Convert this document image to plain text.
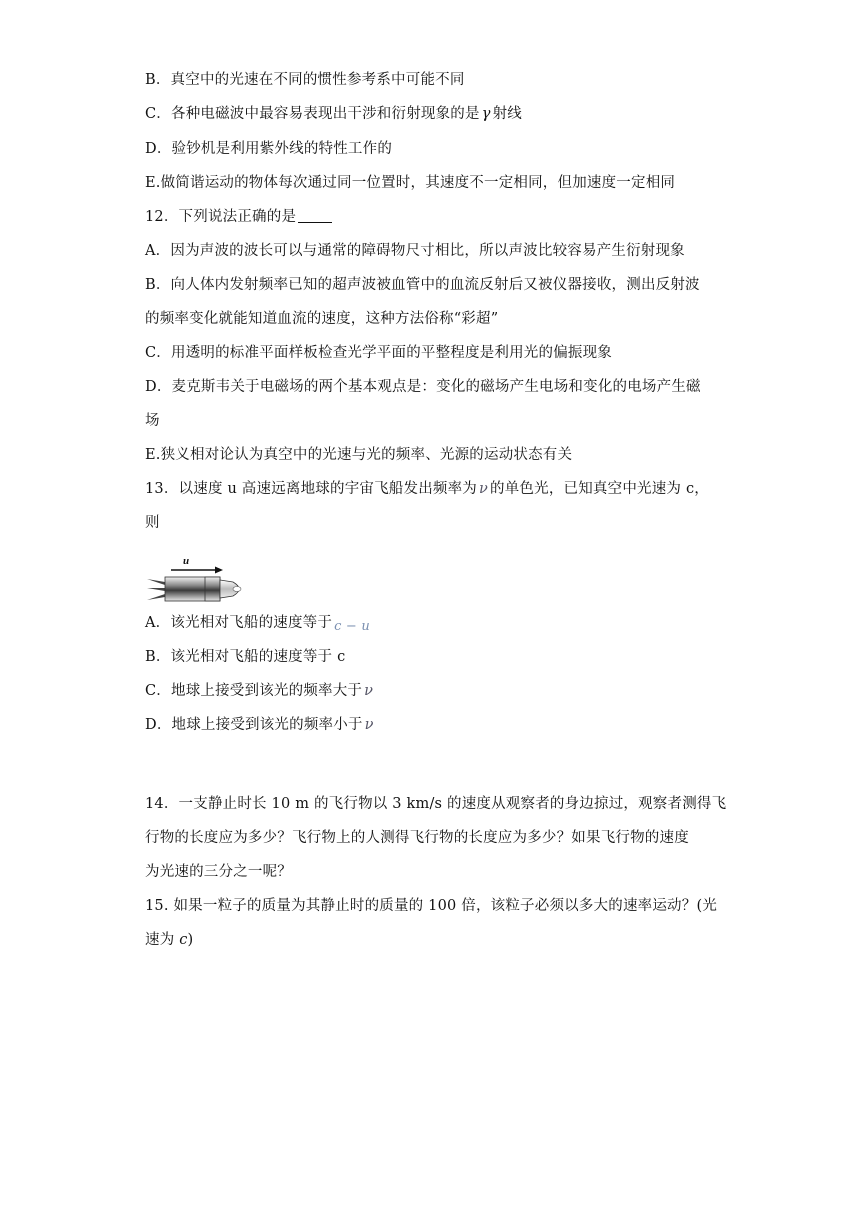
B．真空中的光速在不同的惯性参考系中可能不同
C．各种电磁波中最容易表现出干涉和衍射现象的是 γ 射线
D．验钞机是利用紫外线的特性工作的
E.做简谐运动的物体每次通过同一位置时，其速度不一定相同，但加速度一定相同
12．下列说法正确的是
A．因为声波的波长可以与通常的障碍物尺寸相比，所以声波比较容易产生衍射现象
B．向人体内发射频率已知的超声波被血管中的血流反射后又被仪器接收，测出反射波
的频率变化就能知道血流的速度，这种方法俗称“彩超”
C．用透明的标准平面样板检查光学平面的平整程度是利用光的偏振现象
D．麦克斯韦关于电磁场的两个基本观点是：变化的磁场产生电场和变化的电场产生磁
场
E.狭义相对论认为真空中的光速与光的频率、光源的运动状态有关
13．以速度 u 高速远离地球的宇宙飞船发出频率为 ν 的单色光，已知真空中光速为 c，
则
u
A．该光相对飞船的速度等于 c − u
B．该光相对飞船的速度等于 c
C．地球上接受到该光的频率大于 ν
D．地球上接受到该光的频率小于 ν
14．一支静止时长 10 m 的飞行物以 3 km/s 的速度从观察者的身边掠过，观察者测得飞
行物的长度应为多少？飞行物上的人测得飞行物的长度应为多少？如果飞行物的速度
为光速的三分之一呢？
15. 如果一粒子的质量为其静止时的质量的 100 倍，该粒子必须以多大的速率运动？(光
速为 c)
